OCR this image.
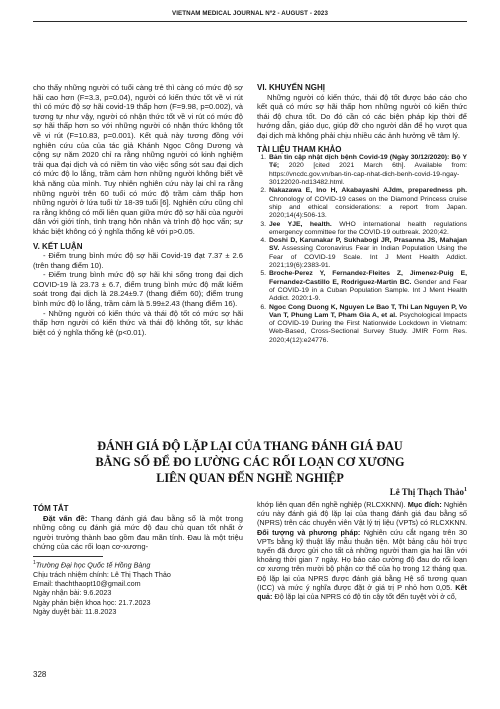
VIETNAM MEDICAL JOURNAL Nº2 - AUGUST - 2023

cho thấy những người có tuổi càng trẻ thì càng có mức độ sợ hãi cao hơn (F=3.3, p=0.04), người có kiến thức tốt về vi rút thì có mức độ sợ hãi covid-19 thấp hơn (F=9.98, p=0.002), và tương tự như vậy, người có nhận thức tốt về vi rút có mức độ sợ hãi thấp hơn so với những người có nhận thức không tốt về vi rút (F=10.83, p=0.001). Kết quả này tương đồng với nghiên cứu của của tác giả Khánh Ngọc Công Dương và cộng sự năm 2020 chỉ ra rằng những người có kinh nghiệm trải qua đại dịch và có niềm tin vào việc sống sót sau đại dịch có mức độ lo lắng, trầm cảm hơn những người không biết về khả năng của mình. Tuy nhiên nghiên cứu này lại chỉ ra rằng những người trên 60 tuổi có mức độ trầm cảm thấp hơn những người ở lứa tuổi từ 18-39 tuổi [6]. Nghiên cứu cũng chỉ ra rằng không có mối liên quan giữa mức độ sợ hãi của người dân với giới tính, tình trạng hôn nhân và trình độ học vấn; sự khác biệt không có ý nghĩa thống kê với p>0.05.

V. KẾT LUẬN

- Điểm trung bình mức độ sợ hãi Covid-19 đạt 7.37 ± 2.6 (trên thang điểm 10).

- Điểm trung bình mức độ sợ hãi khi sống trong đại dịch COVID-19 là 23.73 ± 6.7, điểm trung bình mức độ mất kiểm soát trong đại dịch là 28.24±9.7 (thang điểm 60); điểm trung bình mức độ lo lắng, trầm cảm là 5.99±2.43 (thang điểm 16).

- Những người có kiến thức và thái độ tốt có mức sợ hãi thấp hơn người có kiến thức và thái độ không tốt, sự khác biệt có ý nghĩa thống kê (p<0.01).

VI. KHUYẾN NGHỊ

Những người có kiến thức, thái độ tốt được báo cáo cho kết quả có mức sợ hãi thấp hơn những người có kiến thức thái độ chưa tốt. Do đó cần có các biện pháp kịp thời để hướng dẫn, giáo dục, giúp đỡ cho người dân để họ vượt qua đại dịch mà không phải chịu nhiều các ảnh hưởng về tâm lý.

TÀI LIỆU THAM KHẢO

1. Bản tin cập nhật dịch bệnh Covid-19 (Ngày 30/12/2020): Bộ Y Tế; 2020 [cited 2021 March 6th]. Available from: https://vncdc.gov.vn/ban-tin-cap-nhat-dich-benh-covid-19-ngay-30122020-nd13482.html.
2. Nakazawa E, Ino H, Akabayashi AJdm, preparedness ph. Chronology of COVID-19 cases on the Diamond Princess cruise ship and ethical considerations: a report from Japan. 2020;14(4):506-13.
3. Jee YJE, health. WHO international health regulations emergency committee for the COVID-19 outbreak. 2020;42.
4. Doshi D, Karunakar P, Sukhabogi JR, Prasanna JS, Mahajan SV. Assessing Coronavirus Fear in Indian Population Using the Fear of COVID-19 Scale. Int J Ment Health Addict. 2021;19(6):2383-91.
5. Broche-Perez Y, Fernandez-Fleites Z, Jimenez-Puig E, Fernandez-Castillo E, Rodriguez-Martin BC. Gender and Fear of COVID-19 in a Cuban Population Sample. Int J Ment Health Addict. 2020:1-9.
6. Ngoc Cong Duong K, Nguyen Le Bao T, Thi Lan Nguyen P, Vo Van T, Phung Lam T, Pham Gia A, et al. Psychological Impacts of COVID-19 During the First Nationwide Lockdown in Vietnam: Web-Based, Cross-Sectional Survey Study. JMIR Form Res. 2020;4(12):e24776.
ĐÁNH GIÁ ĐỘ LẶP LẠI CỦA THANG ĐÁNH GIÁ ĐAU
BẰNG SỐ ĐỂ ĐO LƯỜNG CÁC RỐI LOẠN CƠ XƯƠNG
LIÊN QUAN ĐẾN NGHỀ NGHIỆP
Lê Thị Thạch Thảo$^1$

TÓM TẮT

Đặt vấn đề: Thang đánh giá đau bằng số là một trong những công cụ đánh giá mức độ đau chủ quan tốt nhất ở người trưởng thành bao gồm đau mãn tính. Đau là một triệu chứng của các rối loạn cơ-xương-

khớp liên quan đến nghề nghiệp (RLCXKNN). Mục đích: Nghiên cứu này đánh giá độ lặp lại của thang đánh giá đau bằng số (NPRS) trên các chuyên viên Vật lý trị liệu (VPTs) có RLCXKNN. Đối tượng và phương pháp: Nghiên cứu cắt ngang trên 30 VPTs bằng kỹ thuật lấy mẫu thuận tiện. Một bảng câu hỏi trực tuyến đã được gửi cho tất cả những người tham gia hai lần với khoảng thời gian 7 ngày. Họ báo cáo cường độ đau do rối loạn cơ xương trên mười bộ phận cơ thể của họ trong 12 tháng qua. Độ lặp lại của NPRS được đánh giá bằng Hệ số tương quan (ICC) và mức ý nghĩa được đặt ở giá trị P nhỏ hơn 0,05. Kết quả: Độ lặp lại của NPRS có độ tin cậy tốt đến tuyệt vời ở cổ,

$^1$Trường Đại học Quốc tế Hồng Bàng
Chịu trách nhiệm chính: Lê Thị Thạch Thảo
Email: thachthaopt10@gmail.com
Ngày nhận bài: 9.6.2023
Ngày phản biện khoa học: 21.7.2023
Ngày duyệt bài: 11.8.2023
328
